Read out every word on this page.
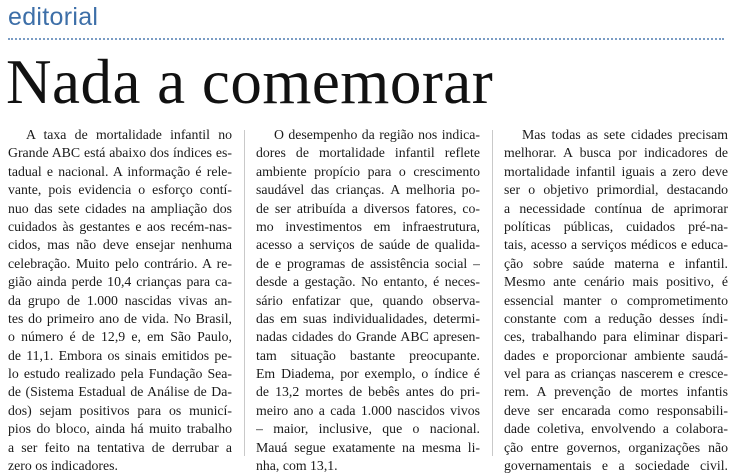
editorial
Nada a comemorar
A taxa de mortalidade infantil no
Grande ABC está abaixo dos índices es-
tadual e nacional. A informação é rele-
vante, pois evidencia o esforço contí-
nuo das sete cidades na ampliação dos
cuidados às gestantes e aos recém-nas-
cidos, mas não deve ensejar nenhuma
celebração. Muito pelo contrário. A re-
gião ainda perde 10,4 crianças para ca-
da grupo de 1.000 nascidas vivas an-
tes do primeiro ano de vida. No Brasil,
o número é de 12,9 e, em São Paulo,
de 11,1. Embora os sinais emitidos pe-
lo estudo realizado pela Fundação Sea-
de (Sistema Estadual de Análise de Da-
dos) sejam positivos para os municí-
pios do bloco, ainda há muito trabalho
a ser feito na tentativa de derrubar a
zero os indicadores.
O desempenho da região nos indica-
dores de mortalidade infantil reflete
ambiente propício para o crescimento
saudável das crianças. A melhoria po-
de ser atribuída a diversos fatores, co-
mo investimentos em infraestrutura,
acesso a serviços de saúde de qualida-
de e programas de assistência social –
desde a gestação. No entanto, é neces-
sário enfatizar que, quando observa-
das em suas individualidades, determi-
nadas cidades do Grande ABC apresen-
tam situação bastante preocupante.
Em Diadema, por exemplo, o índice é
de 13,2 mortes de bebês antes do pri-
meiro ano a cada 1.000 nascidos vivos
– maior, inclusive, que o nacional.
Mauá segue exatamente na mesma li-
nha, com 13,1.
Mas todas as sete cidades precisam
melhorar. A busca por indicadores de
mortalidade infantil iguais a zero deve
ser o objetivo primordial, destacando
a necessidade contínua de aprimorar
políticas públicas, cuidados pré-na-
tais, acesso a serviços médicos e educa-
ção sobre saúde materna e infantil.
Mesmo ante cenário mais positivo, é
essencial manter o comprometimento
constante com a redução desses índi-
ces, trabalhando para eliminar dispari-
dades e proporcionar ambiente saudá-
vel para as crianças nascerem e cresce-
rem. A prevenção de mortes infantis
deve ser encarada como responsabili-
dade coletiva, envolvendo a colabora-
ção entre governos, organizações não
governamentais e a sociedade civil.
